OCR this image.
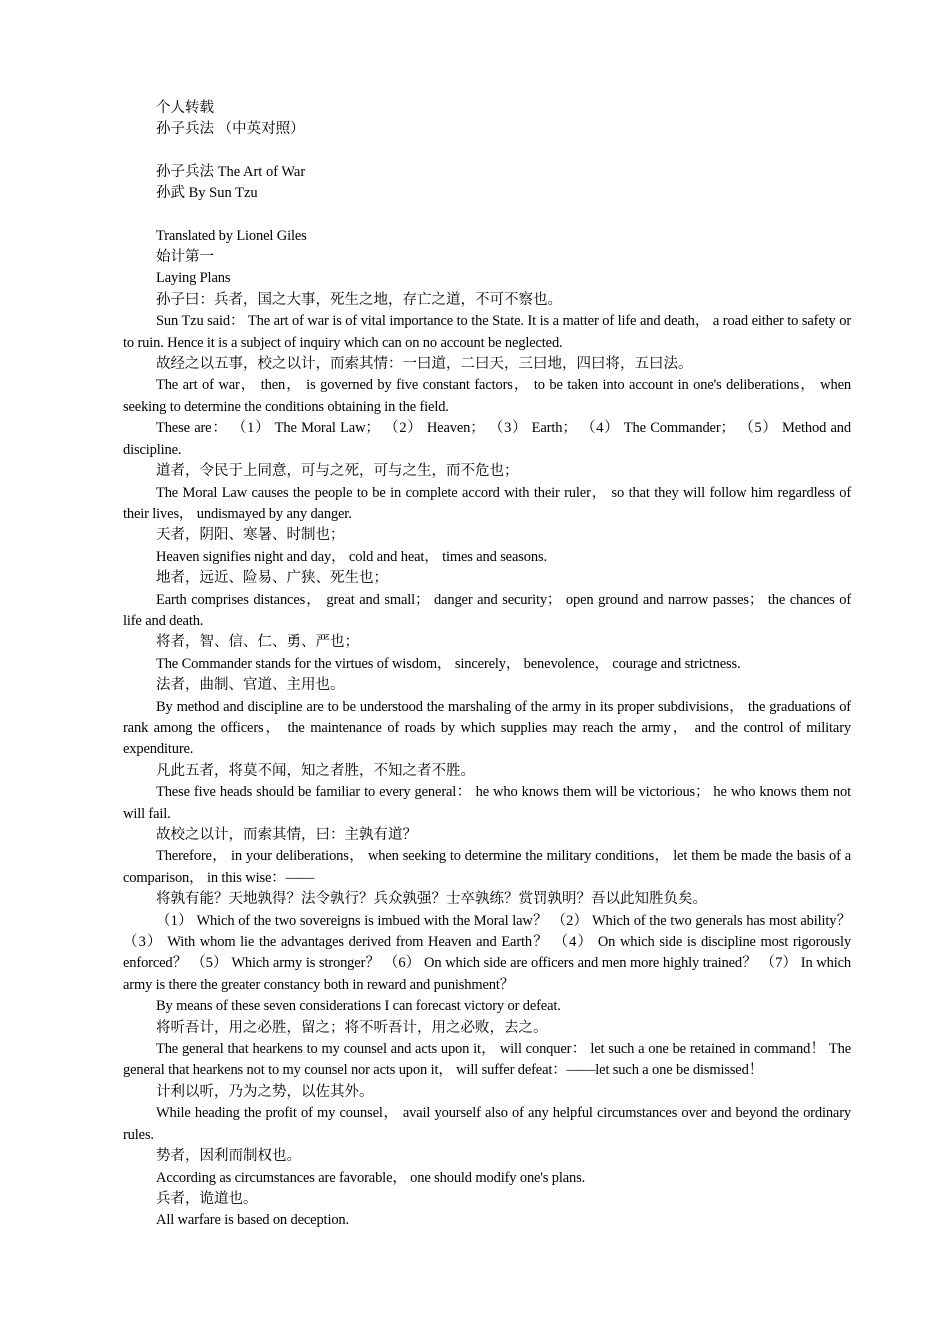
个人转载

孙子兵法 （中英对照）

孙子兵法 The Art of War

孙武 By Sun Tzu

Translated by Lionel Giles

始计第一

Laying Plans

孙子曰：兵者，国之大事，死生之地，存亡之道，不可不察也。

Sun Tzu said： The art of war is of vital importance to the State. It is a matter of life and death， a road either to safety or to ruin. Hence it is a subject of inquiry which can on no account be neglected.

故经之以五事，校之以计，而索其情：一曰道，二曰天，三曰地，四曰将，五曰法。

The art of war， then， is governed by five constant factors， to be taken into account in one's deliberations， when seeking to determine the conditions obtaining in the field.

These are： （1） The Moral Law； （2） Heaven； （3） Earth； （4） The Commander； （5） Method and discipline.

道者，令民于上同意，可与之死，可与之生，而不危也；

The Moral Law causes the people to be in complete accord with their ruler， so that they will follow him regardless of their lives， undismayed by any danger.

天者，阴阳、寒暑、时制也；

Heaven signifies night and day， cold and heat， times and seasons.

地者，远近、险易、广狭、死生也；

Earth comprises distances， great and small； danger and security； open ground and narrow passes； the chances of life and death.

将者，智、信、仁、勇、严也；

The Commander stands for the virtues of wisdom， sincerely， benevolence， courage and strictness.

法者，曲制、官道、主用也。

By method and discipline are to be understood the marshaling of the army in its proper subdivisions， the graduations of rank among the officers， the maintenance of roads by which supplies may reach the army， and the control of military expenditure.

凡此五者，将莫不闻，知之者胜，不知之者不胜。

These five heads should be familiar to every general： he who knows them will be victorious； he who knows them not will fail.

故校之以计，而索其情，曰：主孰有道？

Therefore， in your deliberations， when seeking to determine the military conditions， let them be made the basis of a comparison， in this wise：——

将孰有能？天地孰得？法令孰行？兵众孰强？士卒孰练？赏罚孰明？吾以此知胜负矣。

（1） Which of the two sovereigns is imbued with the Moral law？ （2） Which of the two generals has most ability？ （3） With whom lie the advantages derived from Heaven and Earth？ （4） On which side is discipline most rigorously enforced？ （5） Which army is stronger？ （6） On which side are officers and men more highly trained？ （7） In which army is there the greater constancy both in reward and punishment？

By means of these seven considerations I can forecast victory or defeat.

将听吾计，用之必胜，留之；将不听吾计，用之必败，去之。

The general that hearkens to my counsel and acts upon it， will conquer： let such a one be retained in command！ The general that hearkens not to my counsel nor acts upon it， will suffer defeat：——let such a one be dismissed！

计利以听，乃为之势，以佐其外。

While heading the profit of my counsel， avail yourself also of any helpful circumstances over and beyond the ordinary rules.

势者，因利而制权也。

According as circumstances are favorable， one should modify one's plans.

兵者，诡道也。

All warfare is based on deception.
